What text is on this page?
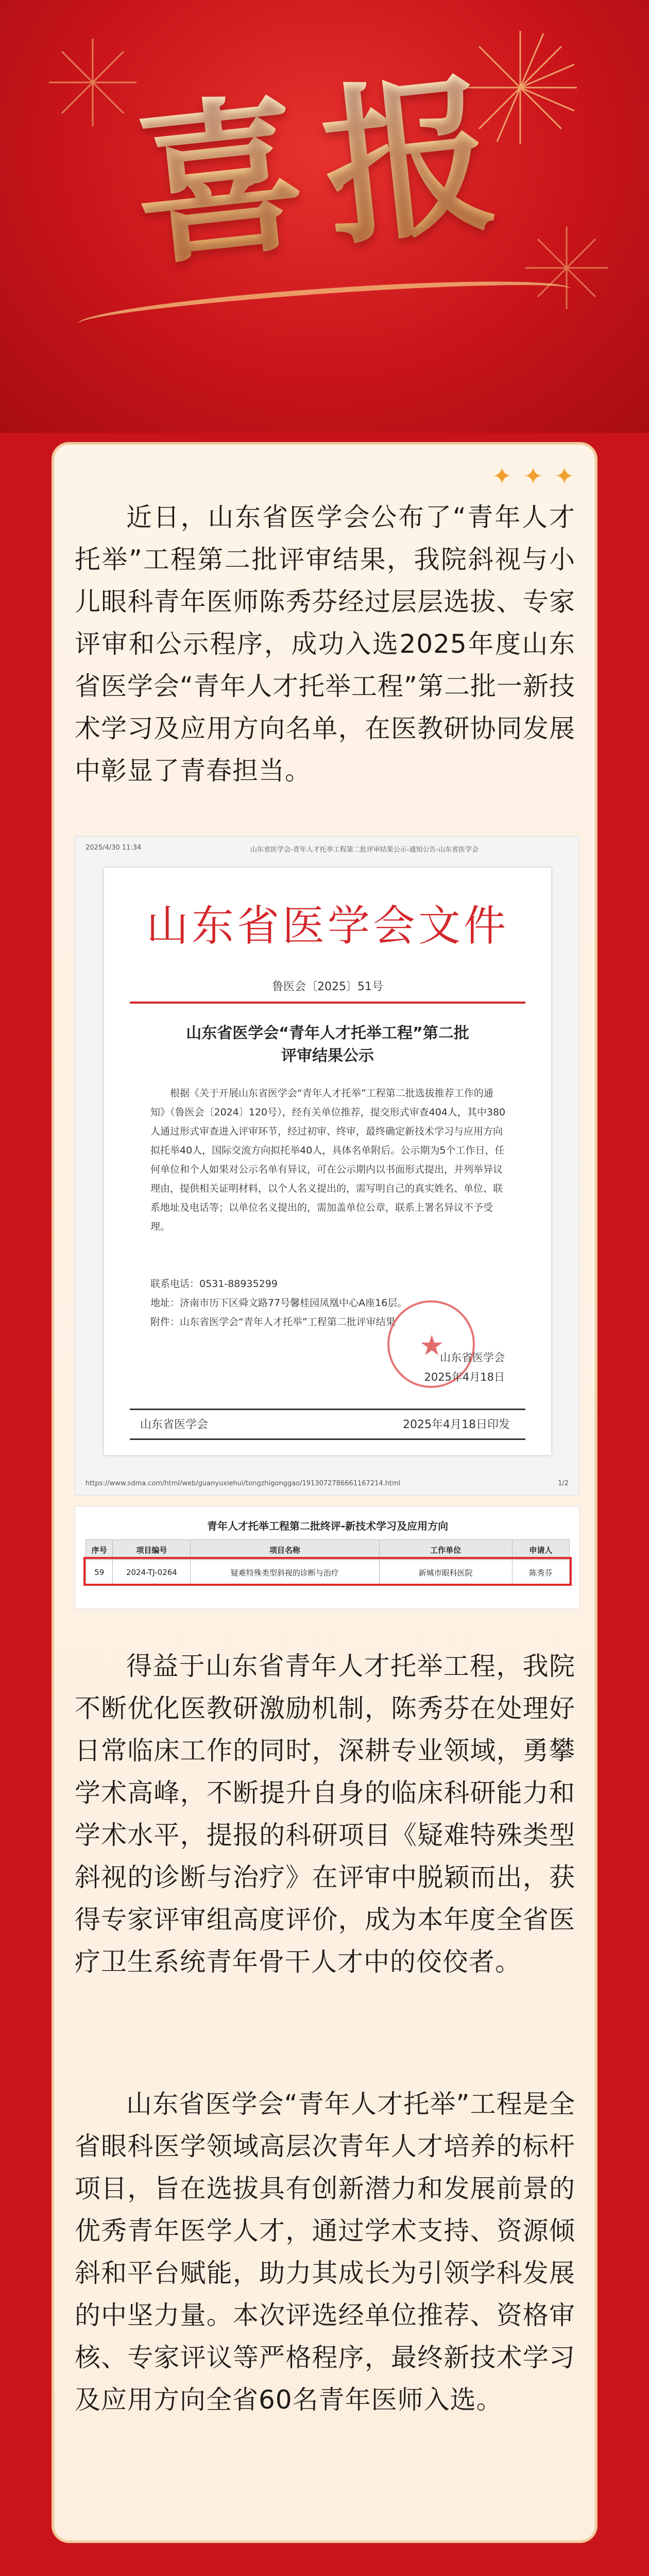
喜报
✦ ✦ ✦

近日，山东省医学会公布了“青年人才托举”工程第二批评审结果，我院斜视与小儿眼科青年医师陈秀芬经过层层选拔、专家评审和公示程序，成功入选2025年度山东省医学会“青年人才托举工程”第二批一新技术学习及应用方向名单，在医教研协同发展中彰显了青春担当。

2025/4/30 11:34	山东省医学会-青年人才托举工程第二批评审结果公示-通知公告-山东省医学会
山东省医学会文件
鲁医会〔2025〕51号
山东省医学会“青年人才托举工程”第二批
评审结果公示
根据《关于开展山东省医学会“青年人才托举”工程第二批选拔推荐工作的通知》（鲁医会〔2024〕120号），经有关单位推荐，提交形式审查404人，其中380人通过形式审查进入评审环节，经过初审、终审，最终确定新技术学习与应用方向拟托举40人，国际交流方向拟托举40人，具体名单附后。公示期为5个工作日，任何单位和个人如果对公示名单有异议，可在公示期内以书面形式提出，并列举异议理由，提供相关证明材料，以个人名义提出的，需写明自己的真实姓名、单位、联系地址及电话等；以单位名义提出的，需加盖单位公章，联系上署名异议不予受理。
联系电话：0531-88935299
地址：济南市历下区舜文路77号馨桂园凤凰中心A座16层。
附件：山东省医学会“青年人才托举”工程第二批评审结果
★
山东省医学会
2025年4月18日
山东省医学会	2025年4月18日印发
https://www.sdma.com/html/web/guanyuxiehui/tongzhigonggao/1913072786661167214.html	1/2
青年人才托举工程第二批终评-新技术学习及应用方向
序号	项目编号	项目名称	工作单位	申请人
59	2024-TJ-0264	疑难特殊类型斜视的诊断与治疗	新城市眼科医院	陈秀芬

得益于山东省青年人才托举工程，我院不断优化医教研激励机制，陈秀芬在处理好日常临床工作的同时，深耕专业领域，勇攀学术高峰，不断提升自身的临床科研能力和学术水平，提报的科研项目《疑难特殊类型斜视的诊断与治疗》在评审中脱颖而出，获得专家评审组高度评价，成为本年度全省医疗卫生系统青年骨干人才中的佼佼者。

山东省医学会“青年人才托举”工程是全省眼科医学领域高层次青年人才培养的标杆项目，旨在选拔具有创新潜力和发展前景的优秀青年医学人才，通过学术支持、资源倾斜和平台赋能，助力其成长为引领学科发展的中坚力量。本次评选经单位推荐、资格审核、专家评议等严格程序，最终新技术学习及应用方向全省60名青年医师入选。
